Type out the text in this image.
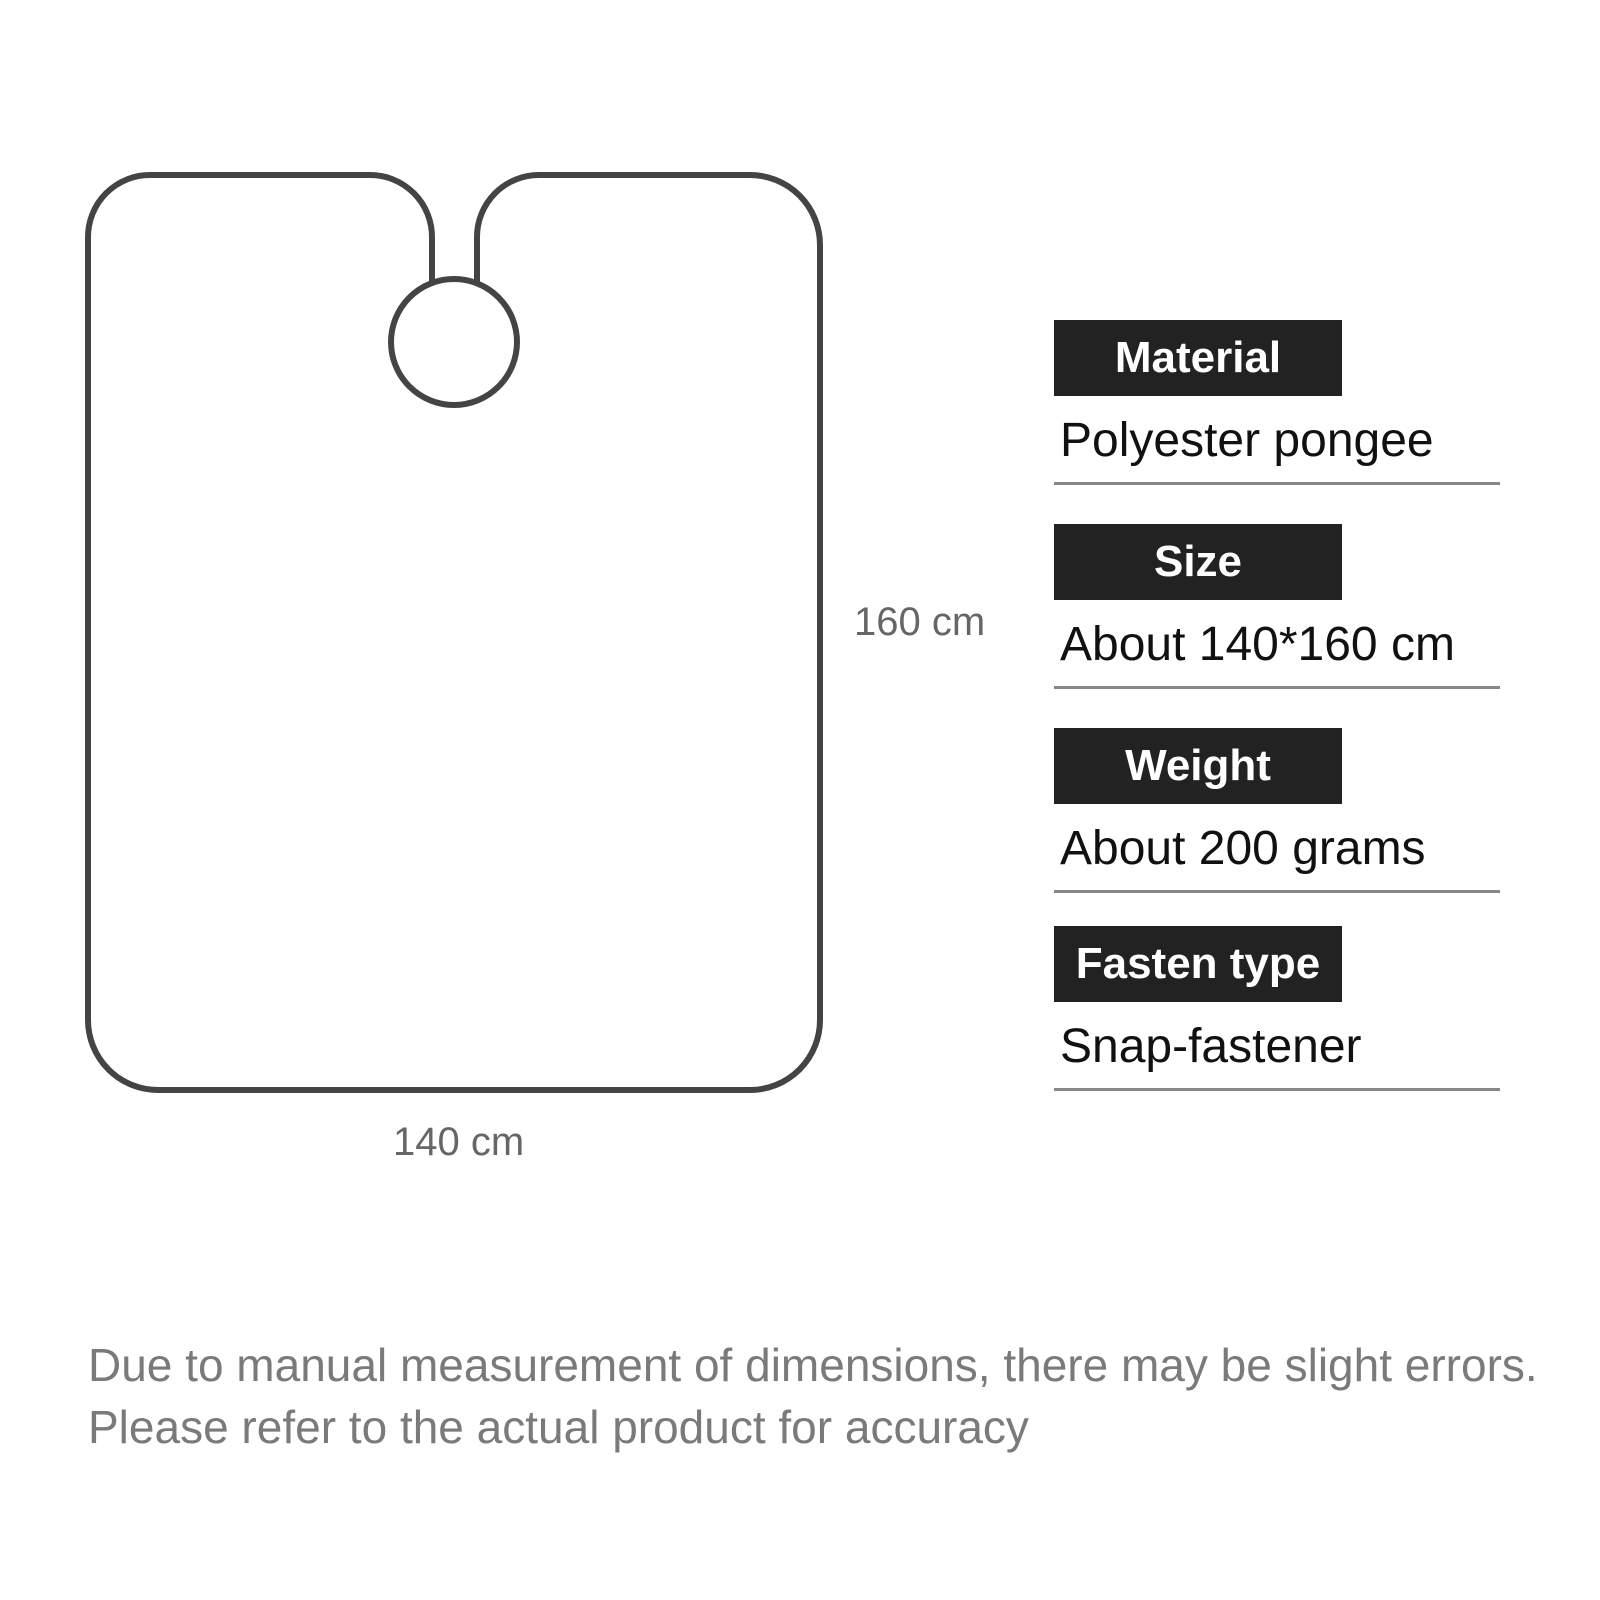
160 cm
140 cm
Material
Polyester pongee
Size
About 140*160 cm
Weight
About 200 grams
Fasten type
Snap-fastener
Due to manual measurement of dimensions, there may be slight errors.
Please refer to the actual product for accuracy
